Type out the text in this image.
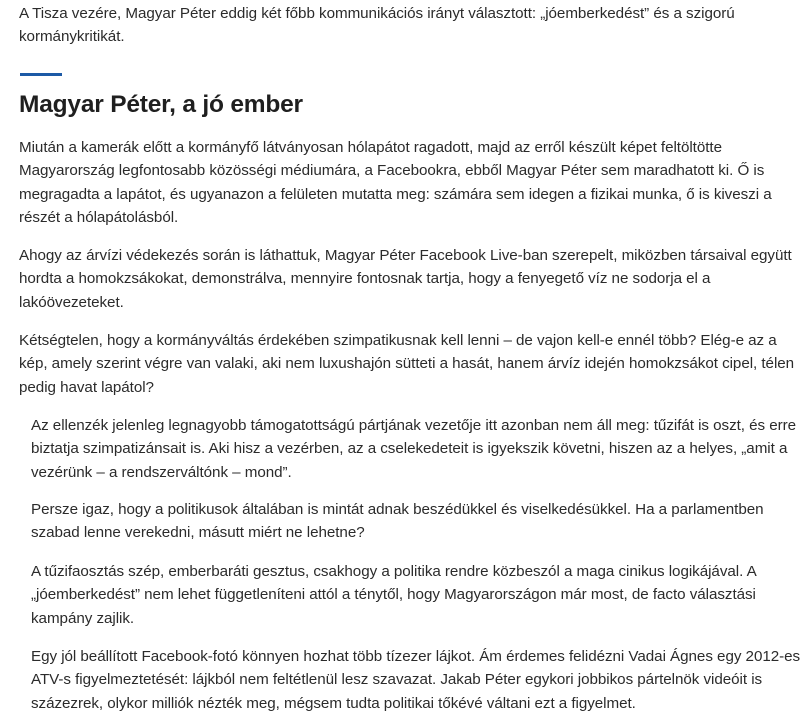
A Tisza vezére, Magyar Péter eddig két főbb kommunikációs irányt választott: „jóemberkedést” és a szigorú kormánykritikát.

Magyar Péter, a jó ember

Miután a kamerák előtt a kormányfő látványosan hólapátot ragadott, majd az erről készült képet feltöltötte Magyarország legfontosabb közösségi médiumára, a Facebookra, ebből Magyar Péter sem maradhatott ki. Ő is megragadta a lapátot, és ugyanazon a felületen mutatta meg: számára sem idegen a fizikai munka, ő is kiveszi a részét a hólapátolásból.

Ahogy az árvízi védekezés során is láthattuk, Magyar Péter Facebook Live-ban szerepelt, miközben társaival együtt hordta a homokzsákokat, demonstrálva, mennyire fontosnak tartja, hogy a fenyegető víz ne sodorja el a lakóövezeteket.

Kétségtelen, hogy a kormányváltás érdekében szimpatikusnak kell lenni – de vajon kell-e ennél több? Elég-e az a kép, amely szerint végre van valaki, aki nem luxushajón sütteti a hasát, hanem árvíz idején homokzsákot cipel, télen pedig havat lapátol?

Az ellenzék jelenleg legnagyobb támogatottságú pártjának vezetője itt azonban nem áll meg: tűzifát is oszt, és erre biztatja szimpatizánsait is. Aki hisz a vezérben, az a cselekedeteit is igyekszik követni, hiszen az a helyes, „amit a vezérünk – a rendszerváltónk – mond”.

Persze igaz, hogy a politikusok általában is mintát adnak beszédükkel és viselkedésükkel. Ha a parlamentben szabad lenne verekedni, másutt miért ne lehetne?

A tűzifaosztás szép, emberbaráti gesztus, csakhogy a politika rendre közbeszól a maga cinikus logikájával. A „jóemberkedést” nem lehet függetleníteni attól a ténytől, hogy Magyarországon már most, de facto választási kampány zajlik.

Egy jól beállított Facebook-fotó könnyen hozhat több tízezer lájkot. Ám érdemes felidézni Vadai Ágnes egy 2012-es ATV-s figyelmeztetését: lájkból nem feltétlenül lesz szavazat. Jakab Péter egykori jobbikos pártelnök videóit is százezrek, olykor milliók nézték meg, mégsem tudta politikai tőkévé váltani ezt a figyelmet.
